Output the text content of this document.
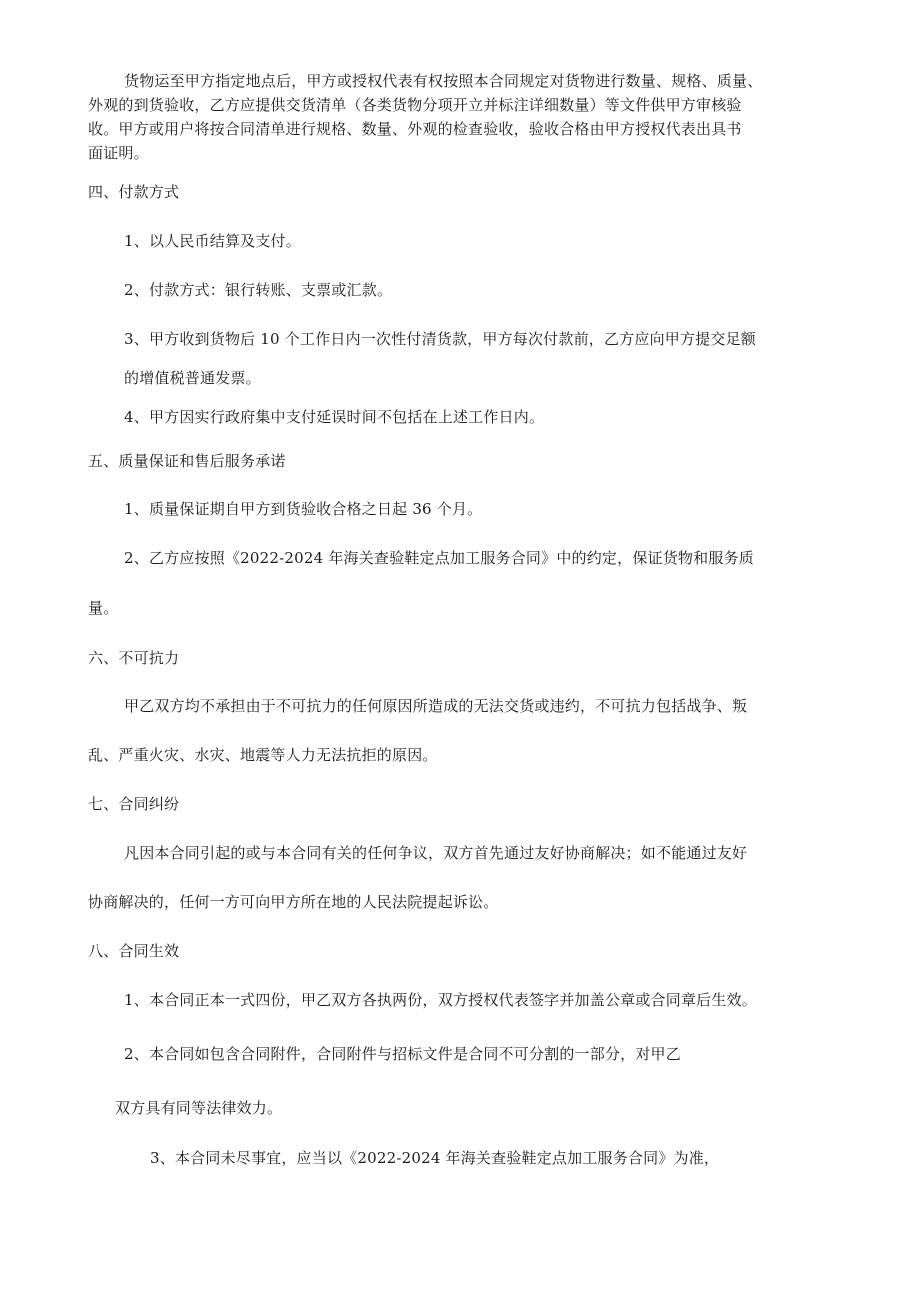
货物运至甲方指定地点后，甲方或授权代表有权按照本合同规定对货物进行数量、规格、质量、
外观的到货验收，乙方应提供交货清单（各类货物分项开立并标注详细数量）等文件供甲方审核验
收。甲方或用户将按合同清单进行规格、数量、外观的检查验收，验收合格由甲方授权代表出具书
面证明。
四、付款方式
1、以人民币结算及支付。
2、付款方式：银行转账、支票或汇款。
3、甲方收到货物后 10 个工作日内一次性付清货款，甲方每次付款前，乙方应向甲方提交足额
的增值税普通发票。
4、甲方因实行政府集中支付延误时间不包括在上述工作日内。
五、质量保证和售后服务承诺
1、质量保证期自甲方到货验收合格之日起 36 个月。
2、乙方应按照《2022-2024 年海关查验鞋定点加工服务合同》中的约定，保证货物和服务质
量。
六、不可抗力
甲乙双方均不承担由于不可抗力的任何原因所造成的无法交货或违约，不可抗力包括战争、叛
乱、严重火灾、水灾、地震等人力无法抗拒的原因。
七、合同纠纷
凡因本合同引起的或与本合同有关的任何争议，双方首先通过友好协商解决；如不能通过友好
协商解决的，任何一方可向甲方所在地的人民法院提起诉讼。
八、合同生效
1、本合同正本一式四份，甲乙双方各执两份，双方授权代表签字并加盖公章或合同章后生效。
2、本合同如包含合同附件，合同附件与招标文件是合同不可分割的一部分，对甲乙
双方具有同等法律效力。
3、本合同未尽事宜，应当以《2022-2024 年海关查验鞋定点加工服务合同》为准，
